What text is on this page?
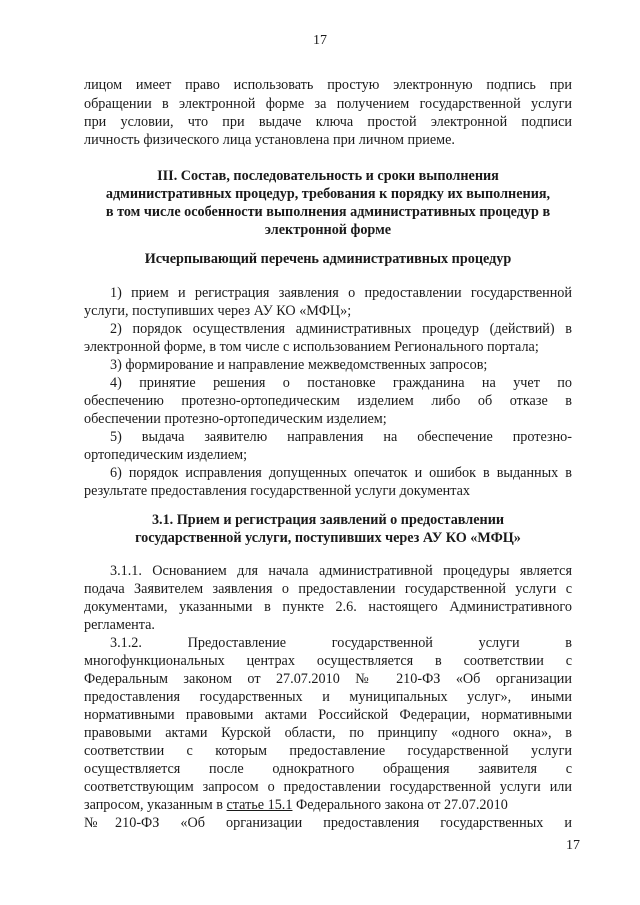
17
лицом имеет право использовать простую электронную подпись при
обращении в электронной форме за получением государственной услуги
при условии, что при выдаче ключа простой электронной подписи
личность физического лица установлена при личном приеме.
III. Состав, последовательность и сроки выполнения
административных процедур, требования к порядку их выполнения,
в том числе особенности выполнения административных процедур в
электронной форме
Исчерпывающий перечень административных процедур
1) прием и регистрация заявления о предоставлении государственной
услуги, поступивших через АУ КО «МФЦ»;
2) порядок осуществления административных процедур (действий) в
электронной форме, в том числе с использованием Регионального портала;
3) формирование и направление межведомственных запросов;
4) принятие решения о постановке гражданина на учет по
обеспечению протезно-ортопедическим изделием либо об отказе в
обеспечении протезно-ортопедическим изделием;
5) выдача заявителю направления на обеспечение протезно-
ортопедическим изделием;
6) порядок исправления допущенных опечаток и ошибок в выданных в
результате предоставления государственной услуги документах
3.1. Прием и регистрация заявлений о предоставлении
государственной услуги, поступивших через АУ КО «МФЦ»
3.1.1. Основанием для начала административной процедуры является
подача Заявителем заявления о предоставлении государственной услуги с
документами, указанными в пункте 2.6. настоящего Административного
регламента.
3.1.2. Предоставление государственной услуги в
многофункциональных центрах осуществляется в соответствии с
Федеральным законом от 27.07.2010 № 210-ФЗ «Об организации
предоставления государственных и муниципальных услуг», иными
нормативными правовыми актами Российской Федерации, нормативными
правовыми актами Курской области, по принципу «одного окна», в
соответствии с которым предоставление государственной услуги
осуществляется после однократного обращения заявителя с
соответствующим запросом о предоставлении государственной услуги или
запросом, указанным в статье 15.1 Федерального закона от 27.07.2010
№210-ФЗ «Об организации предоставления государственных и
17
